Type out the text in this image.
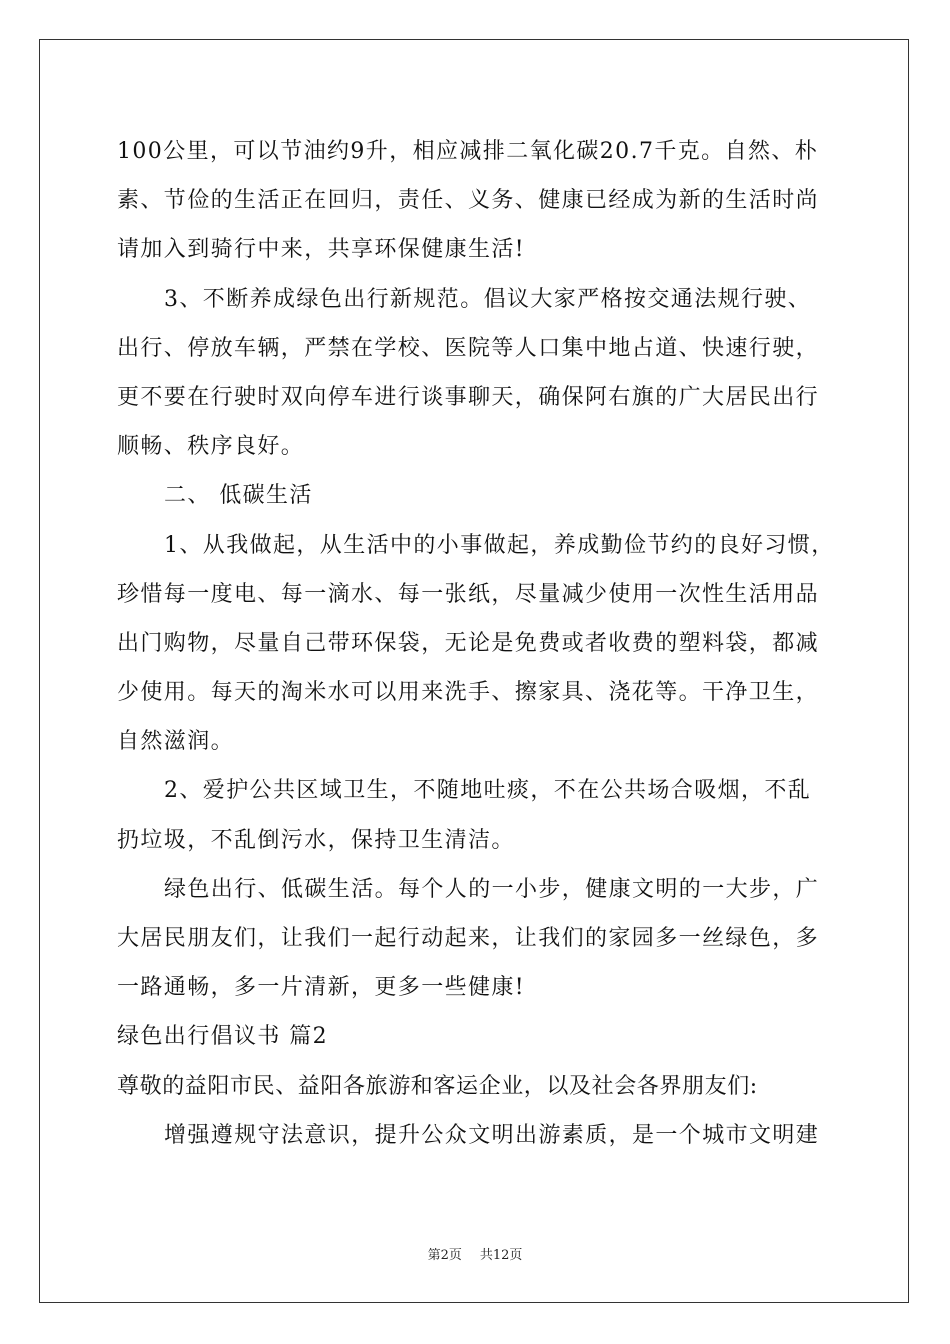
100公里，可以节油约9升，相应减排二氧化碳20.7千克。自然、朴
素、节俭的生活正在回归，责任、义务、健康已经成为新的生活时尚
请加入到骑行中来，共享环保健康生活!
3、不断养成绿色出行新规范。倡议大家严格按交通法规行驶、
出行、停放车辆，严禁在学校、医院等人口集中地占道、快速行驶，
更不要在行驶时双向停车进行谈事聊天，确保阿右旗的广大居民出行
顺畅、秩序良好。
二、 低碳生活
1、从我做起，从生活中的小事做起，养成勤俭节约的良好习惯，
珍惜每一度电、每一滴水、每一张纸，尽量减少使用一次性生活用品
出门购物，尽量自己带环保袋，无论是免费或者收费的塑料袋，都减
少使用。每天的淘米水可以用来洗手、擦家具、浇花等。干净卫生，
自然滋润。
2、爱护公共区域卫生，不随地吐痰，不在公共场合吸烟，不乱
扔垃圾，不乱倒污水，保持卫生清洁。
绿色出行、低碳生活。每个人的一小步，健康文明的一大步，广
大居民朋友们，让我们一起行动起来，让我们的家园多一丝绿色，多
一路通畅，多一片清新，更多一些健康!
绿色出行倡议书 篇2
尊敬的益阳市民、益阳各旅游和客运企业，以及社会各界朋友们:
增强遵规守法意识，提升公众文明出游素质，是一个城市文明建
第2页 共12页
